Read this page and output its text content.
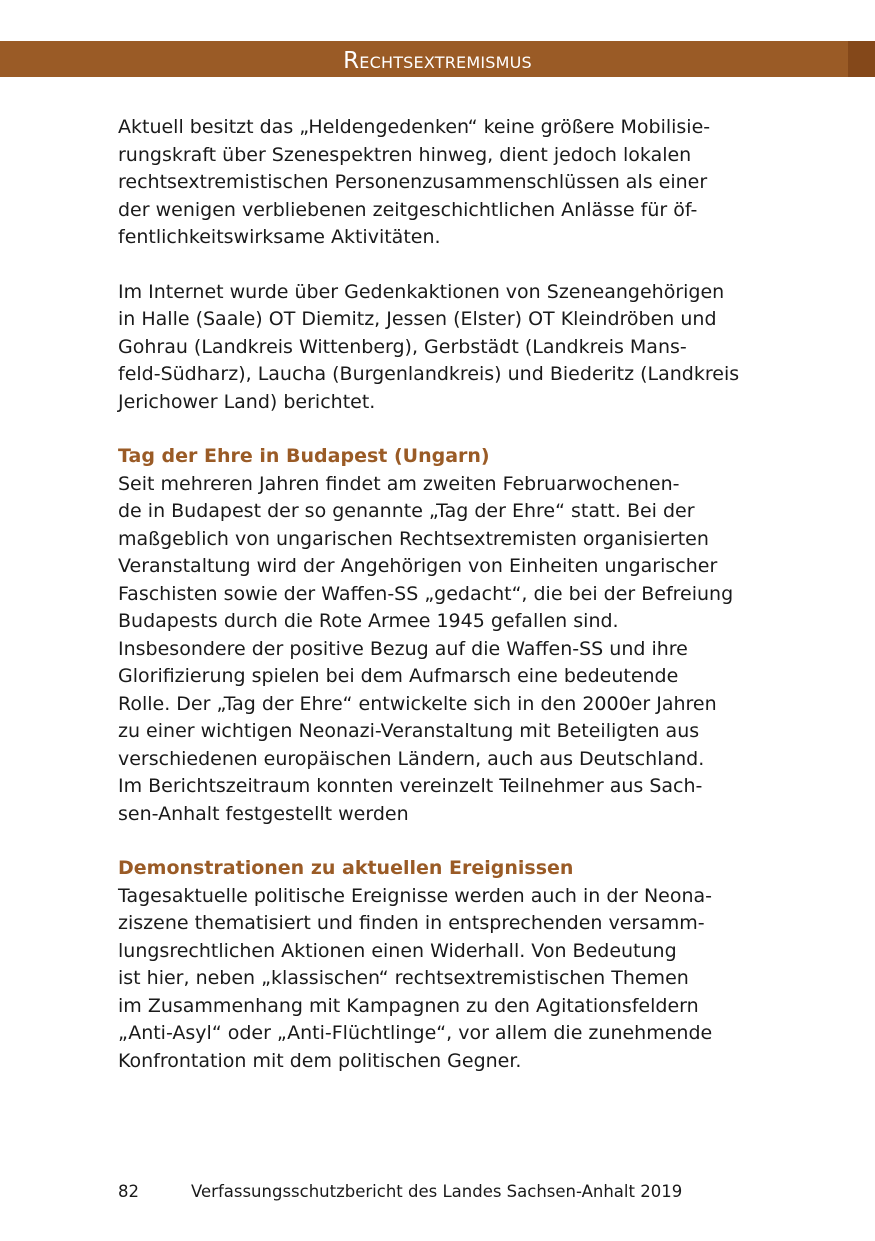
Rechtsextremismus

Aktuell besitzt das „Heldengedenken“ keine größere Mobilisie-
rungskraft über Szenespektren hinweg, dient jedoch lokalen
rechtsextremistischen Personenzusammenschlüssen als einer
der wenigen verbliebenen zeitgeschichtlichen Anlässe für öf-
fentlichkeitswirksame Aktivitäten.

Im Internet wurde über Gedenkaktionen von Szeneangehörigen
in Halle (Saale) OT Diemitz, Jessen (Elster) OT Kleindröben und
Gohrau (Landkreis Wittenberg), Gerbstädt (Landkreis Mans-
feld-Südharz), Laucha (Burgenlandkreis) und Biederitz (Landkreis
Jerichower Land) berichtet.

Tag der Ehre in Budapest (Ungarn)

Seit mehreren Jahren findet am zweiten Februarwochenen-
de in Budapest der so genannte „Tag der Ehre“ statt. Bei der
maßgeblich von ungarischen Rechtsextremisten organisierten
Veranstaltung wird der Angehörigen von Einheiten ungarischer
Faschisten sowie der Waffen-SS „gedacht“, die bei der Befreiung
Budapests durch die Rote Armee 1945 gefallen sind.
Insbesondere der positive Bezug auf die Waffen-SS und ihre
Glorifizierung spielen bei dem Aufmarsch eine bedeutende
Rolle. Der „Tag der Ehre“ entwickelte sich in den 2000er Jahren
zu einer wichtigen Neonazi-Veranstaltung mit Beteiligten aus
verschiedenen europäischen Ländern, auch aus Deutschland.
Im Berichtszeitraum konnten vereinzelt Teilnehmer aus Sach-
sen-Anhalt festgestellt werden

Demonstrationen zu aktuellen Ereignissen

Tagesaktuelle politische Ereignisse werden auch in der Neona-
ziszene thematisiert und finden in entsprechenden versamm-
lungsrechtlichen Aktionen einen Widerhall. Von Bedeutung
ist hier, neben „klassischen“ rechtsextremistischen Themen
im Zusammenhang mit Kampagnen zu den Agitationsfeldern
„Anti-Asyl“ oder „Anti-Flüchtlinge“, vor allem die zunehmende
Konfrontation mit dem politischen Gegner.

82	Verfassungsschutzbericht des Landes Sachsen-Anhalt 2019
